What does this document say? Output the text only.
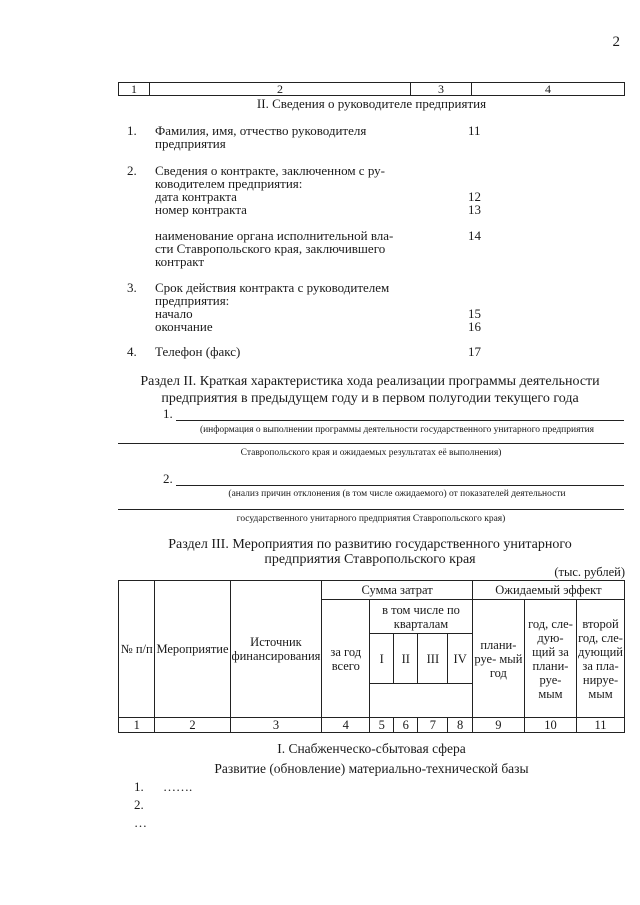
2
1	2	3	4
II. Сведения о руководителе предприятия
1. Фамилия, имя, отчество руководителя
предприятия
11
2. Сведения о контракте, заключенном с ру-
ководителем предприятия:
дата контракта	12
номер контракта	13
наименование органа исполнительной вла-
сти Ставропольского края, заключившего
контракт
14
3. Срок действия контракта с руководителем
предприятия:
начало	15
окончание	16
4. Телефон (факс)	17
Раздел II. Краткая характеристика хода реализации программы деятельности
предприятия в предыдущем году и в первом полугодии текущего года
1.
(информация о выполнении программы деятельности государственного унитарного предприятия
Ставропольского края и ожидаемых результатах её выполнения)
2.
(анализ причин отклонения (в том числе ожидаемого) от показателей деятельности
государственного унитарного предприятия Ставропольского края)
Раздел III. Мероприятия по развитию государственного унитарного
предприятия Ставропольского края
(тыс. рублей)
№ п/п	Мероприятие	Источник финансирования	Сумма затрат					Ожидаемый эффект		
			за год всего	в том числе по кварталам				плани- руе- мый год	год, сле- дую- щий за плани- руе- мым	второй год, сле- дующий за пла- нируе- мым
				I	II	III	IV			

1	2	3	4	5	6	7	8	9	10	11
I. Снабженческо-сбытовая сфера
Развитие (обновление) материально-технической базы
1. …….
2.
…
